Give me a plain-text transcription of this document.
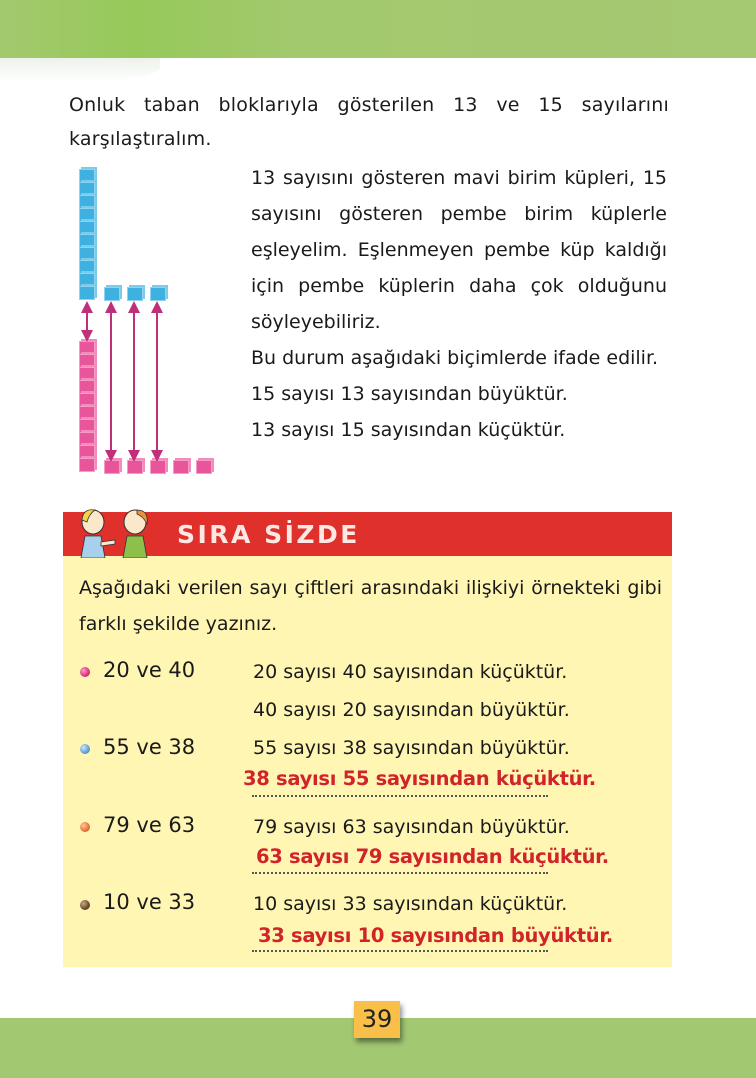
Onluk taban bloklarıyla gösterilen 13 ve 15 sayılarını karşılaştıralım.

13 sayısını gösteren mavi birim küpleri, 15 sayısını gösteren pembe birim küplerle eşleyelim. Eşlenmeyen pembe küp kaldığı için pembe küplerin daha çok olduğunu söyleyebiliriz.

Bu durum aşağıdaki biçimlerde ifade edilir.

15 sayısı 13 sayısından büyüktür.

13 sayısı 15 sayısından küçüktür.

SIRA SİZDE
Aşağıdaki verilen sayı çiftleri arasındaki ilişkiyi örnekteki gibi farklı şekilde yazınız.
20 ve 40	20 sayısı 40 sayısından küçüktür.
40 sayısı 20 sayısından büyüktür.
55 ve 38	55 sayısı 38 sayısından büyüktür.
38 sayısı 55 sayısından küçüktür.
79 ve 63	79 sayısı 63 sayısından büyüktür.
63 sayısı 79 sayısından küçüktür.
10 ve 33	10 sayısı 33 sayısından küçüktür.
33 sayısı 10 sayısından büyüktür.
39
